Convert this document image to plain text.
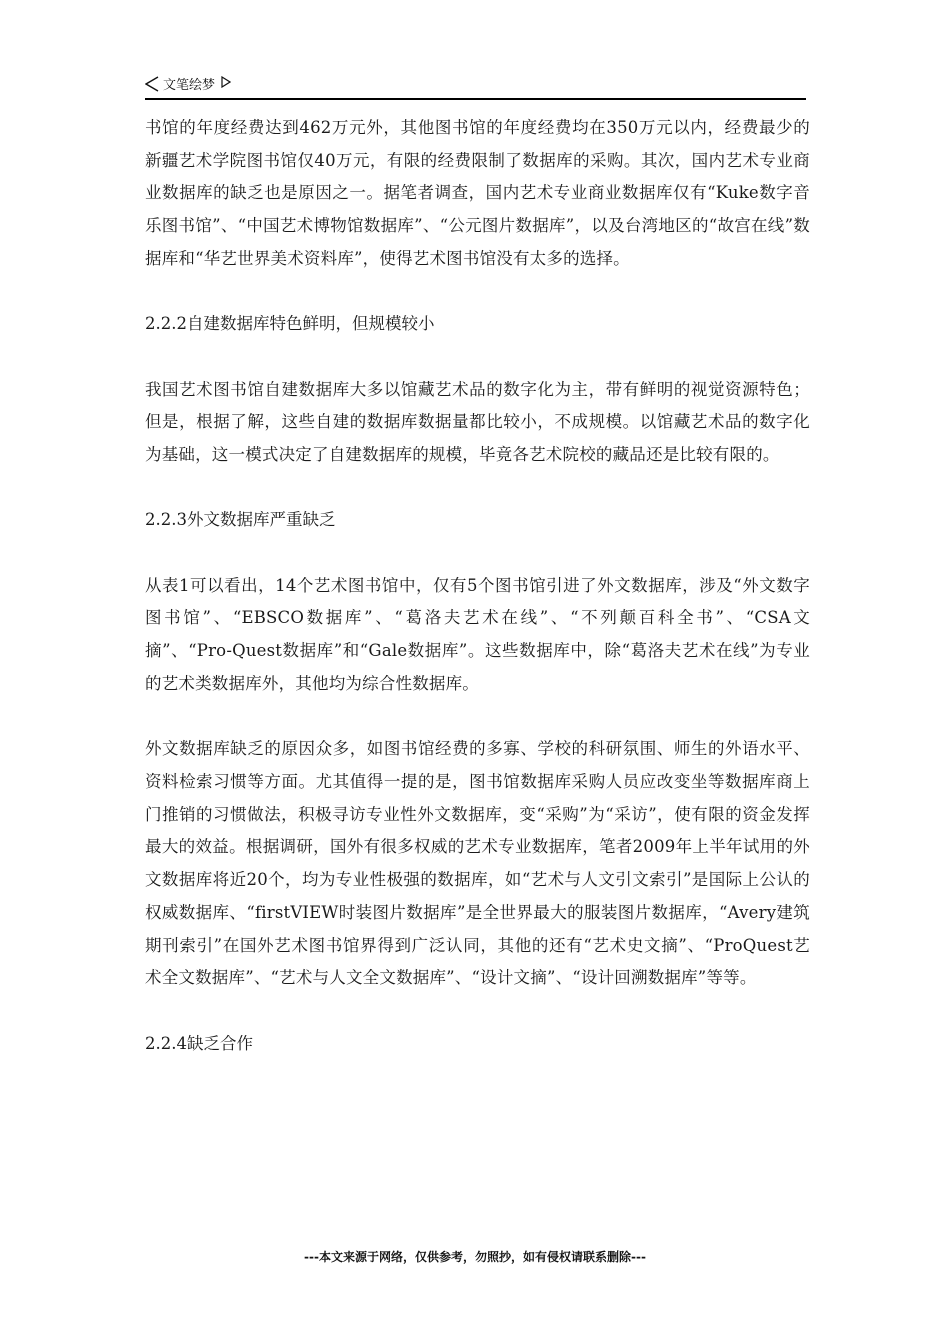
文笔绘梦

书馆的年度经费达到462万元外，其他图书馆的年度经费均在350万元以内，经费最少的新疆艺术学院图书馆仅40万元，有限的经费限制了数据库的采购。其次，国内艺术专业商业数据库的缺乏也是原因之一。据笔者调查，国内艺术专业商业数据库仅有“Kuke数字音乐图书馆”、“中国艺术博物馆数据库”、“公元图片数据库”，以及台湾地区的“故宫在线”数据库和“华艺世界美术资料库”，使得艺术图书馆没有太多的选择。

2.2.2自建数据库特色鲜明，但规模较小

我国艺术图书馆自建数据库大多以馆藏艺术品的数字化为主，带有鲜明的视觉资源特色；但是，根据了解，这些自建的数据库数据量都比较小，不成规模。以馆藏艺术品的数字化为基础，这一模式决定了自建数据库的规模，毕竟各艺术院校的藏品还是比较有限的。

2.2.3外文数据库严重缺乏

从表1可以看出，14个艺术图书馆中，仅有5个图书馆引进了外文数据库，涉及“外文数字图书馆”、“EBSCO数据库”、“葛洛夫艺术在线”、“不列颠百科全书”、“CSA文摘”、“Pro-Quest数据库”和“Gale数据库”。这些数据库中，除“葛洛夫艺术在线”为专业的艺术类数据库外，其他均为综合性数据库。

外文数据库缺乏的原因众多，如图书馆经费的多寡、学校的科研氛围、师生的外语水平、资料检索习惯等方面。尤其值得一提的是，图书馆数据库采购人员应改变坐等数据库商上门推销的习惯做法，积极寻访专业性外文数据库，变“采购”为“采访”，使有限的资金发挥最大的效益。根据调研，国外有很多权威的艺术专业数据库，笔者2009年上半年试用的外文数据库将近20个，均为专业性极强的数据库，如“艺术与人文引文索引”是国际上公认的权威数据库、“firstVIEW时装图片数据库”是全世界最大的服装图片数据库，“Avery建筑期刊索引”在国外艺术图书馆界得到广泛认同，其他的还有“艺术史文摘”、“ProQuest艺术全文数据库”、“艺术与人文全文数据库”、“设计文摘”、“设计回溯数据库”等等。

2.2.4缺乏合作

---本文来源于网络，仅供参考，勿照抄，如有侵权请联系删除---
